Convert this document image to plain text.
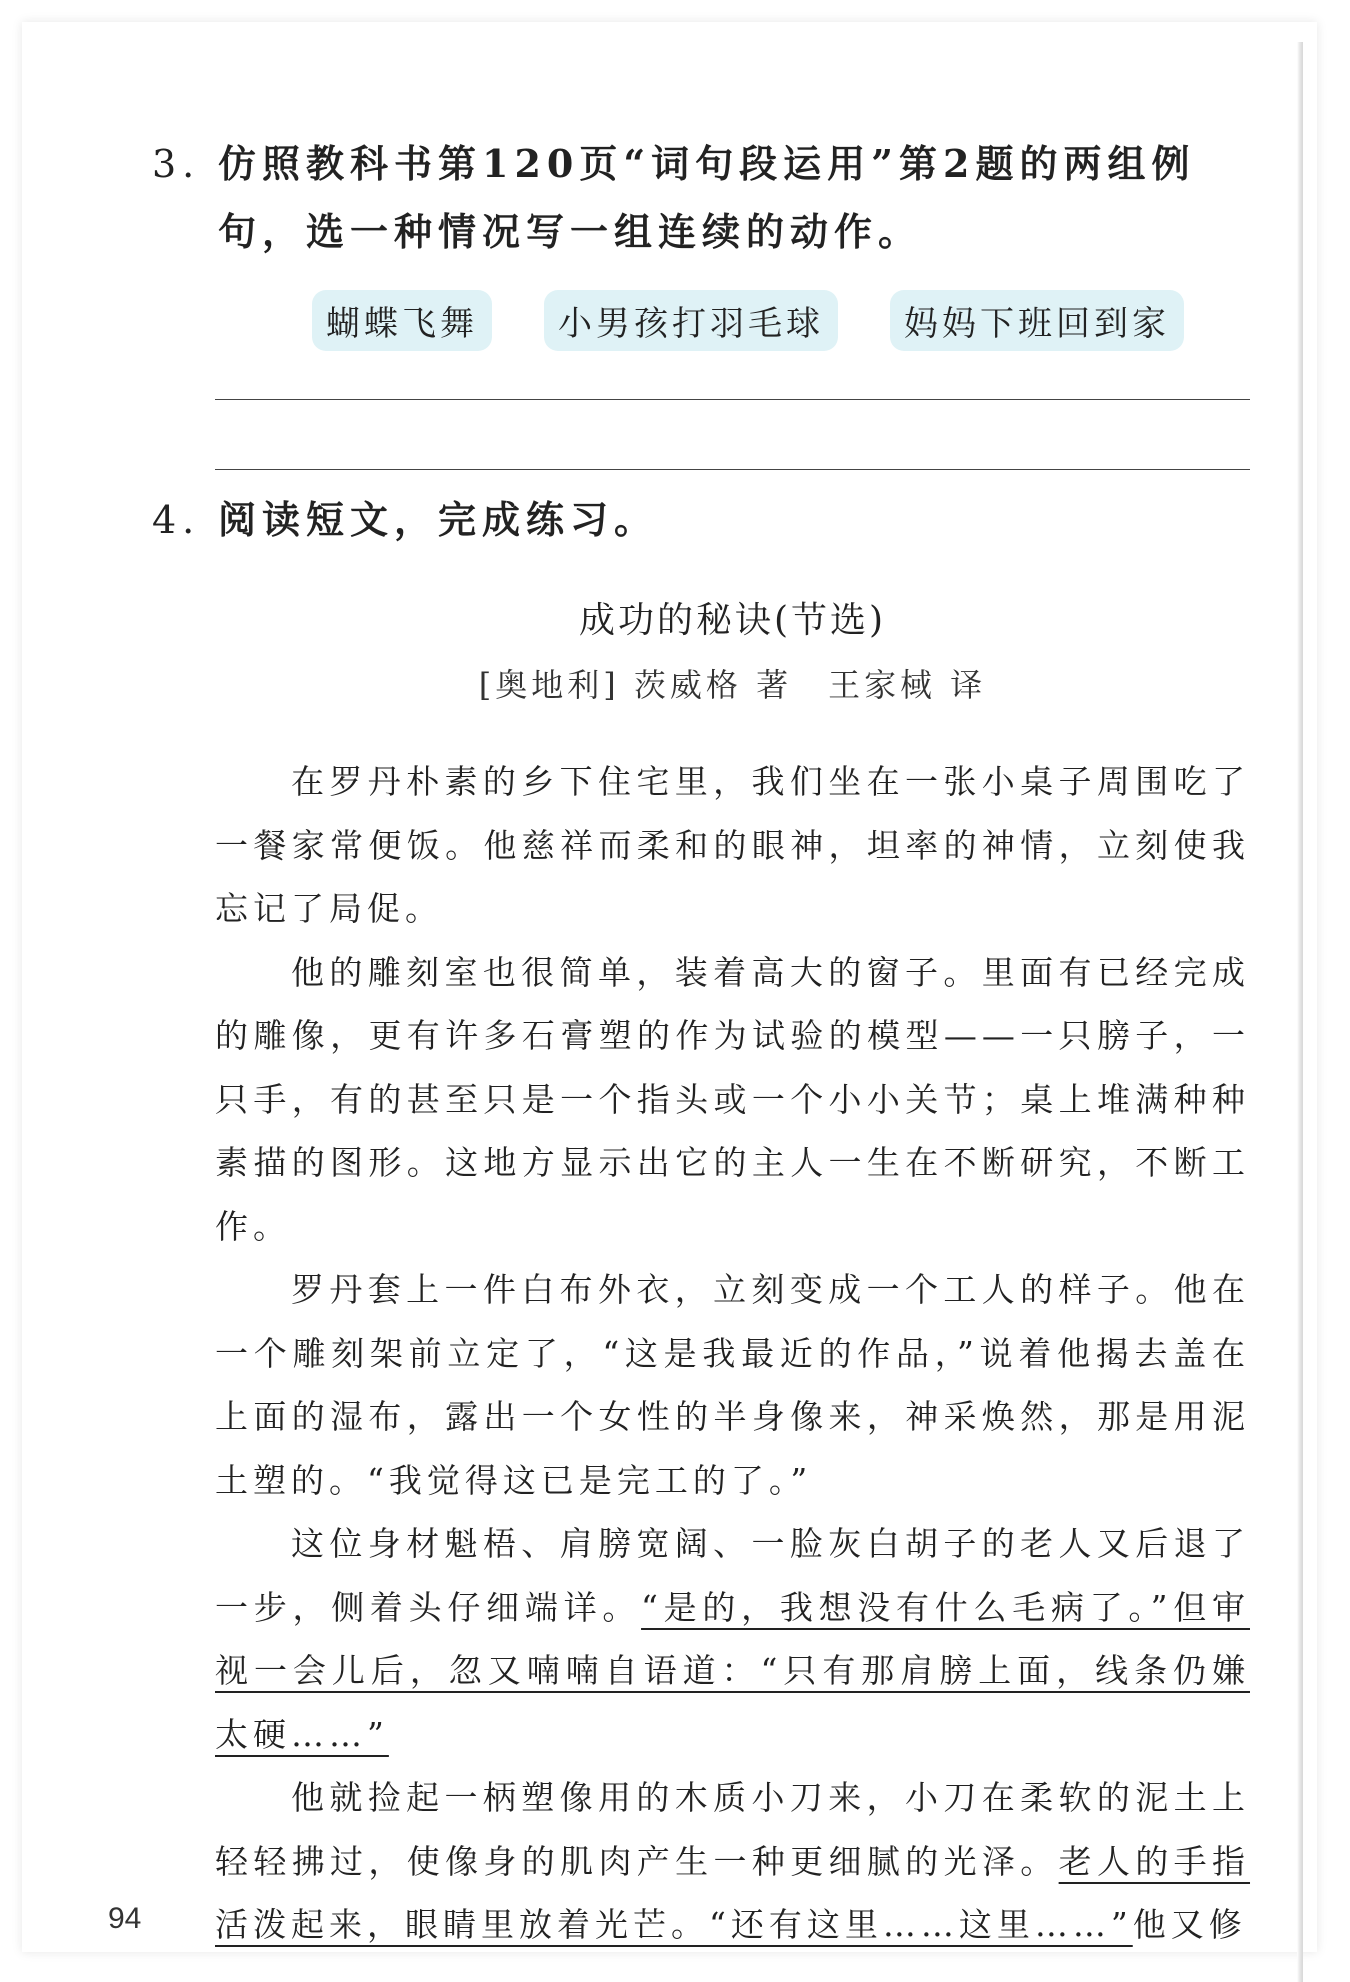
3. 仿照教科书第120页“词句段运用”第2题的两组例
句，选一种情况写一组连续的动作。
蝴蝶飞舞 小男孩打羽毛球 妈妈下班回到家
4. 阅读短文，完成练习。
成功的秘诀(节选)
[奥地利] 茨威格 著　王家棫 译

在罗丹朴素的乡下住宅里，我们坐在一张小桌子周围吃了一餐家常便饭。他慈祥而柔和的眼神，坦率的神情，立刻使我忘记了局促。

他的雕刻室也很简单，装着高大的窗子。里面有已经完成的雕像，更有许多石膏塑的作为试验的模型——一只膀子，一只手，有的甚至只是一个指头或一个小小关节；桌上堆满种种素描的图形。这地方显示出它的主人一生在不断研究，不断工作。

罗丹套上一件白布外衣，立刻变成一个工人的样子。他在一个雕刻架前立定了，“这是我最近的作品，”说着他揭去盖在上面的湿布，露出一个女性的半身像来，神采焕然，那是用泥土塑的。“我觉得这已是完工的了。”

这位身材魁梧、肩膀宽阔、一脸灰白胡子的老人又后退了一步，侧着头仔细端详。“是的，我想没有什么毛病了。”但审视一会儿后，忽又喃喃自语道：“只有那肩膀上面，线条仍嫌太硬……”

他就捡起一柄塑像用的木质小刀来，小刀在柔软的泥土上轻轻拂过，使像身的肌肉产生一种更细腻的光泽。老人的手指活泼起来，眼睛里放着光芒。“还有这里……这里……”他又修

94
